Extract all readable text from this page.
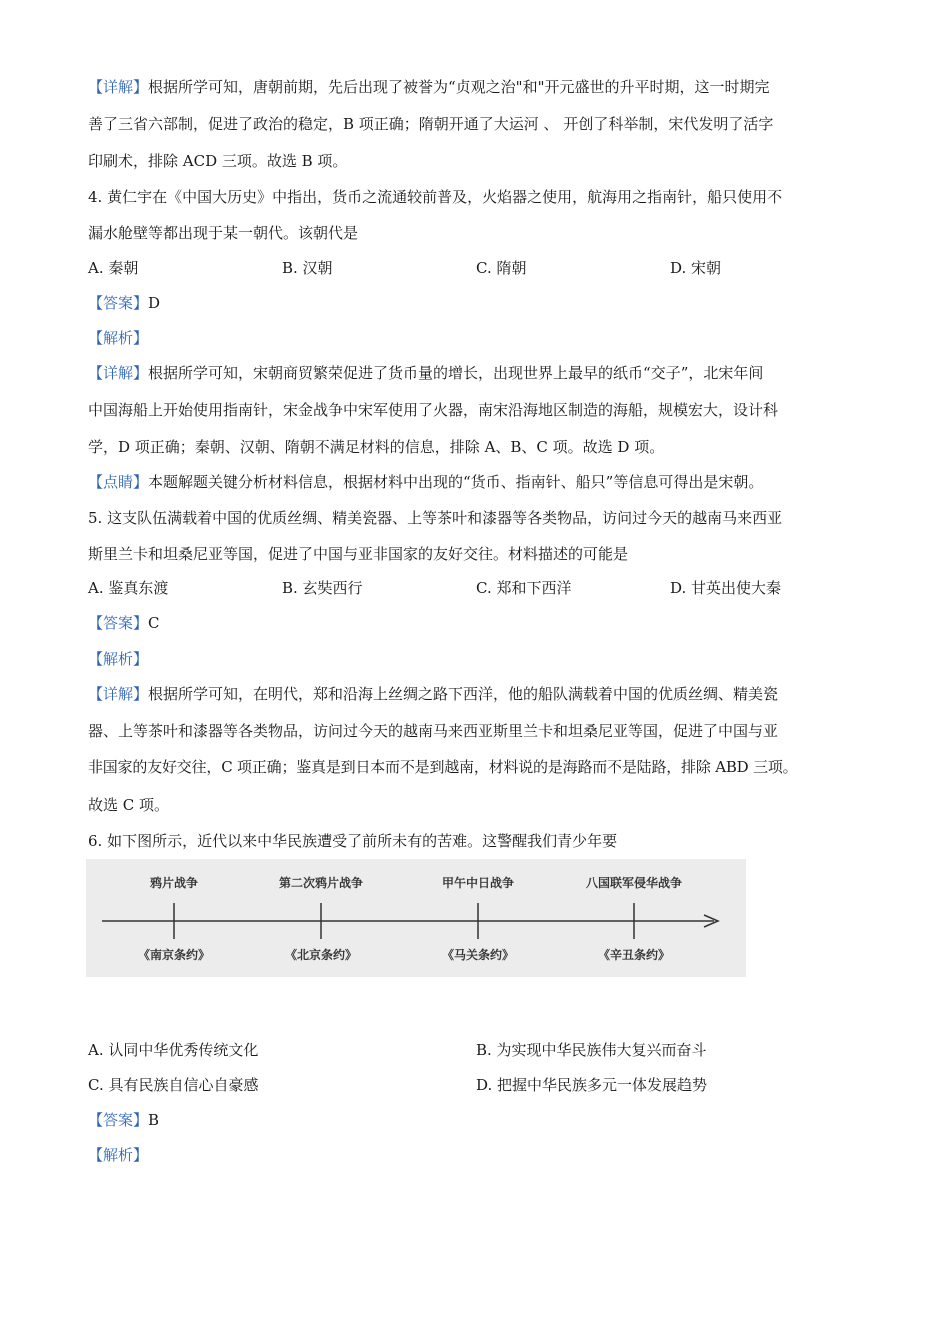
【详解】根据所学可知，唐朝前期，先后出现了被誉为“贞观之治"和"开元盛世的升平时期，这一时期完
善了三省六部制，促进了政治的稳定，B 项正确；隋朝开通了大运河 、 开创了科举制，宋代发明了活字
印刷术，排除 ACD 三项。故选 B 项。
4. 黄仁宇在《中国大历史》中指出，货币之流通较前普及，火焰器之使用，航海用之指南针，船只使用不
漏水舱壁等都出现于某一朝代。该朝代是
A. 秦朝	B. 汉朝	C. 隋朝	D. 宋朝
【答案】D
【解析】
【详解】根据所学可知，宋朝商贸繁荣促进了货币量的增长，出现世界上最早的纸币“交子”，北宋年间
中国海船上开始使用指南针，宋金战争中宋军使用了火器，南宋沿海地区制造的海船，规模宏大，设计科
学，D 项正确；秦朝、汉朝、隋朝不满足材料的信息，排除 A、B、C 项。故选 D 项。
【点睛】本题解题关键分析材料信息，根据材料中出现的“货币、指南针、船只”等信息可得出是宋朝。
5. 这支队伍满载着中国的优质丝绸、精美瓷器、上等茶叶和漆器等各类物品，访问过今天的越南马来西亚
斯里兰卡和坦桑尼亚等国，促进了中国与亚非国家的友好交往。材料描述的可能是
A. 鉴真东渡	B. 玄奘西行	C. 郑和下西洋	D. 甘英出使大秦
【答案】C
【解析】
【详解】根据所学可知，在明代，郑和沿海上丝绸之路下西洋，他的船队满载着中国的优质丝绸、精美瓷
器、上等茶叶和漆器等各类物品，访问过今天的越南马来西亚斯里兰卡和坦桑尼亚等国，促进了中国与亚
非国家的友好交往，C 项正确；鉴真是到日本而不是到越南，材料说的是海路而不是陆路，排除 ABD 三项。
故选 C 项。
6. 如下图所示，近代以来中华民族遭受了前所未有的苦难。这警醒我们青少年要
鸦片战争	第二次鸦片战争	甲午中日战争	八国联军侵华战争
《南京条约》	《北京条约》	《马关条约》	《辛丑条约》
A. 认同中华优秀传统文化	B. 为实现中华民族伟大复兴而奋斗
C. 具有民族自信心自豪感	D. 把握中华民族多元一体发展趋势
【答案】B
【解析】
